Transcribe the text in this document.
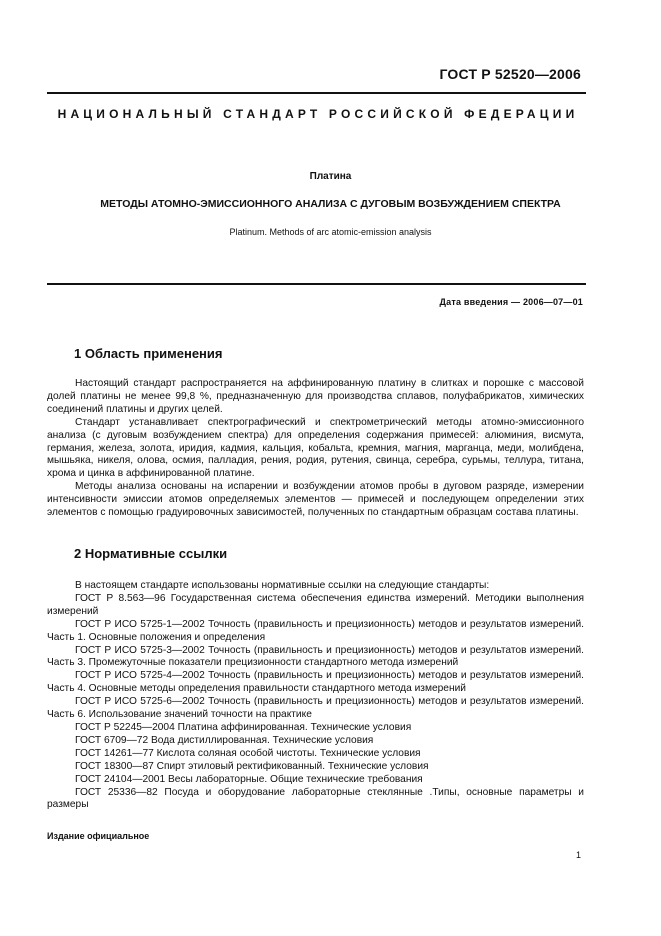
ГОСТ Р 52520—2006
НАЦИОНАЛЬНЫЙ СТАНДАРТ РОССИЙСКОЙ ФЕДЕРАЦИИ
Платина
МЕТОДЫ АТОМНО-ЭМИССИОННОГО АНАЛИЗА С ДУГОВЫМ ВОЗБУЖДЕНИЕМ СПЕКТРА
Platinum. Methods of arc atomic-emission analysis
Дата введения — 2006—07—01
1 Область применения

Настоящий стандарт распространяется на аффинированную платину в слитках и порошке с массовой долей платины не менее 99,8 %, предназначенную для производства сплавов, полуфабрикатов, химических соединений платины и других целей.

Стандарт устанавливает спектрографический и спектрометрический методы атомно-эмиссионного анализа (с дуговым возбуждением спектра) для определения содержания примесей: алюминия, висмута, германия, железа, золота, иридия, кадмия, кальция, кобальта, кремния, магния, марганца, меди, молибдена, мышьяка, никеля, олова, осмия, палладия, рения, родия, рутения, свинца, серебра, сурьмы, теллура, титана, хрома и цинка в аффинированной платине.

Методы анализа основаны на испарении и возбуждении атомов пробы в дуговом разряде, измерении интенсивности эмиссии атомов определяемых элементов — примесей и последующем определении этих элементов с помощью градуировочных зависимостей, полученных по стандартным образцам состава платины.

2 Нормативные ссылки

В настоящем стандарте использованы нормативные ссылки на следующие стандарты:

ГОСТ Р 8.563—96 Государственная система обеспечения единства измерений. Методики выполнения измерений

ГОСТ Р ИСО 5725-1—2002 Точность (правильность и прецизионность) методов и результатов измерений. Часть 1. Основные положения и определения

ГОСТ Р ИСО 5725-3—2002 Точность (правильность и прецизионность) методов и результатов измерений. Часть 3. Промежуточные показатели прецизионности стандартного метода измерений

ГОСТ Р ИСО 5725-4—2002 Точность (правильность и прецизионность) методов и результатов измерений. Часть 4. Основные методы определения правильности стандартного метода измерений

ГОСТ Р ИСО 5725-6—2002 Точность (правильность и прецизионность) методов и результатов измерений. Часть 6. Использование значений точности на практике

ГОСТ Р 52245—2004 Платина аффинированная. Технические условия

ГОСТ 6709—72 Вода дистиллированная. Технические условия

ГОСТ 14261—77 Кислота соляная особой чистоты. Технические условия

ГОСТ 18300—87 Спирт этиловый ректификованный. Технические условия

ГОСТ 24104—2001 Весы лабораторные. Общие технические требования

ГОСТ 25336—82 Посуда и оборудование лабораторные стеклянные .Типы, основные параметры и размеры

Издание официальное
1
